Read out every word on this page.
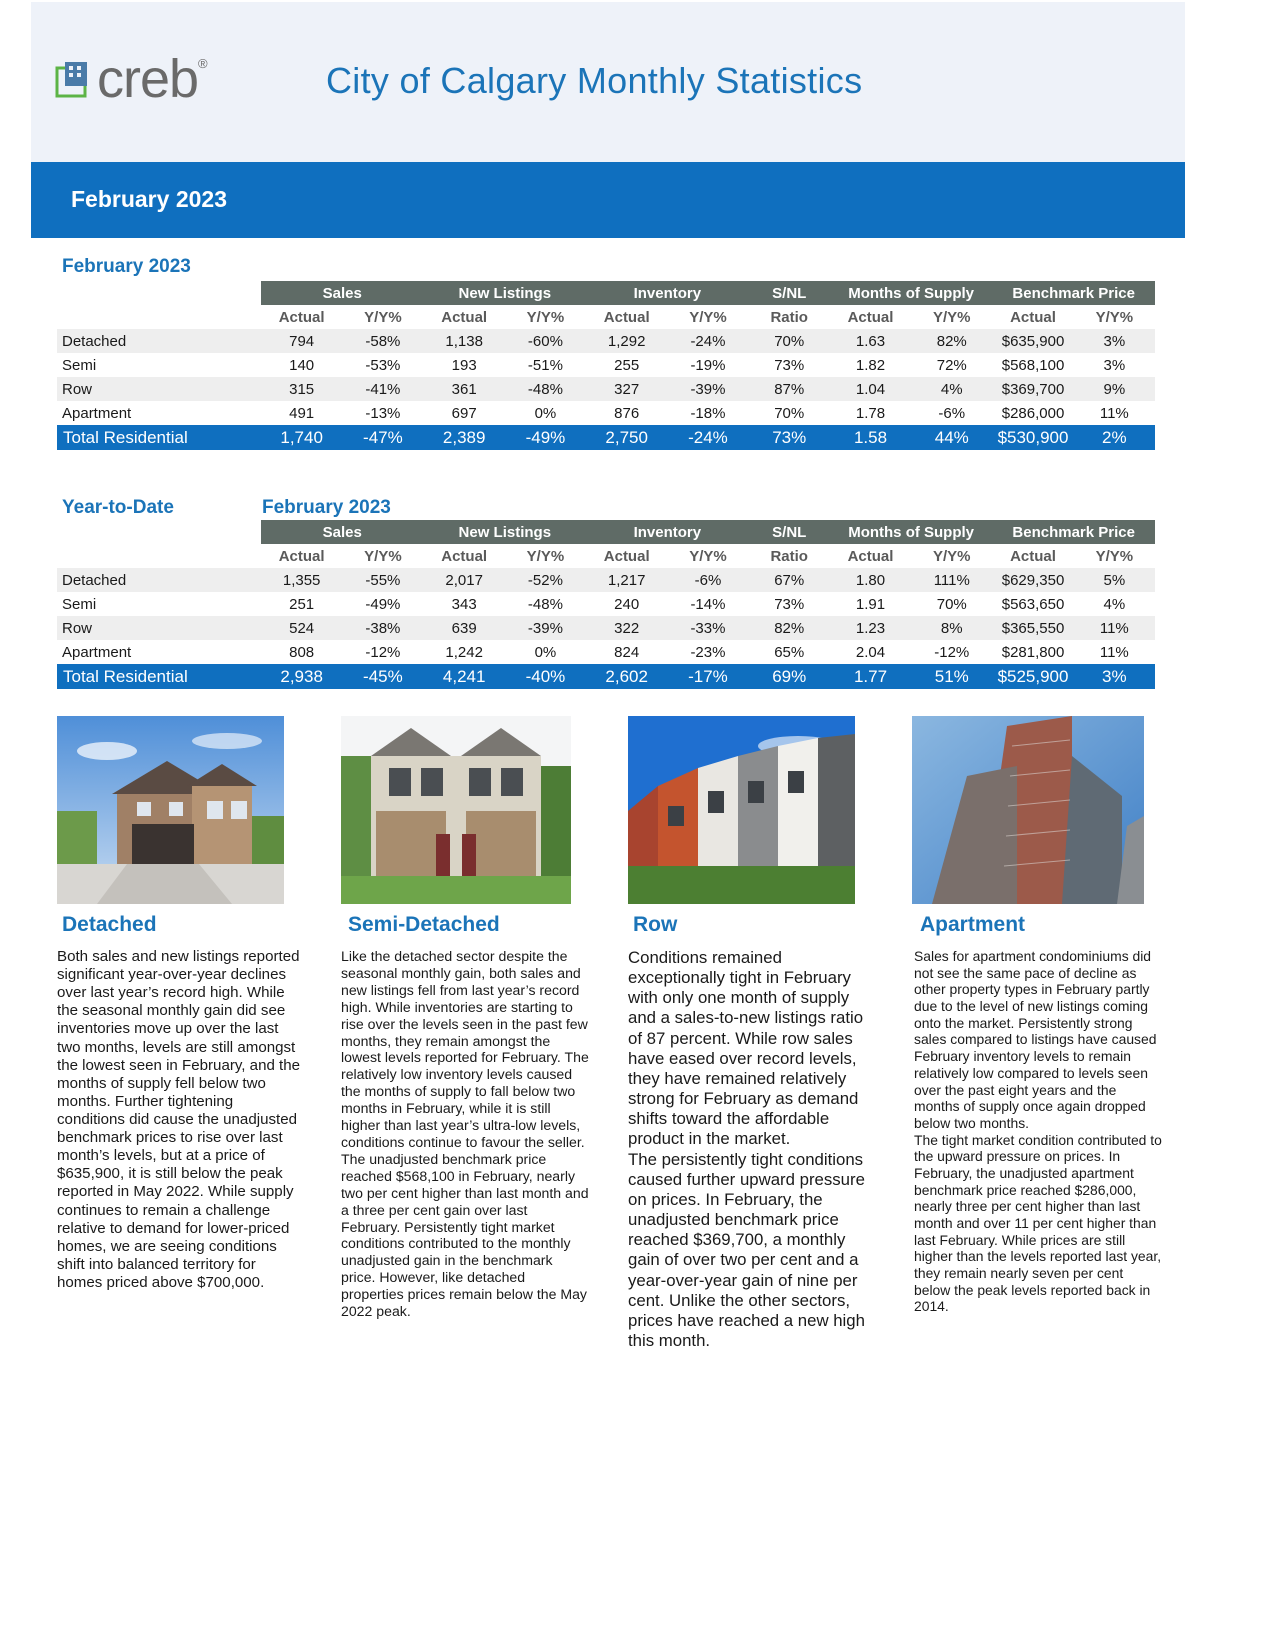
creb ®	City of Calgary Monthly Statistics
February 2023
February 2023
	Sales		New Listings		Inventory		S/NL	Months of Supply		Benchmark Price	
	Actual	Y/Y%	Actual	Y/Y%	Actual	Y/Y%	Ratio	Actual	Y/Y%	Actual	Y/Y%
Detached	794	-58%	1,138	-60%	1,292	-24%	70%	1.63	82%	$635,900	3%
Semi	140	-53%	193	-51%	255	-19%	73%	1.82	72%	$568,100	3%
Row	315	-41%	361	-48%	327	-39%	87%	1.04	4%	$369,700	9%
Apartment	491	-13%	697	0%	876	-18%	70%	1.78	-6%	$286,000	11%
Total Residential	1,740	-47%	2,389	-49%	2,750	-24%	73%	1.58	44%	$530,900	2%
Year-to-Date	February 2023
	Sales		New Listings		Inventory		S/NL	Months of Supply		Benchmark Price	
	Actual	Y/Y%	Actual	Y/Y%	Actual	Y/Y%	Ratio	Actual	Y/Y%	Actual	Y/Y%
Detached	1,355	-55%	2,017	-52%	1,217	-6%	67%	1.80	111%	$629,350	5%
Semi	251	-49%	343	-48%	240	-14%	73%	1.91	70%	$563,650	4%
Row	524	-38%	639	-39%	322	-33%	82%	1.23	8%	$365,550	11%
Apartment	808	-12%	1,242	0%	824	-23%	65%	2.04	-12%	$281,800	11%
Total Residential	2,938	-45%	4,241	-40%	2,602	-17%	69%	1.77	51%	$525,900	3%
Detached
Both sales and new listings reported significant year-over-year declines over last year’s record high. While the seasonal monthly gain did see inventories move up over the last two months, levels are still amongst the lowest seen in February, and the months of supply fell below two months. Further tightening conditions did cause the unadjusted benchmark prices to rise over last month’s levels, but at a price of $635,900, it is still below the peak reported in May 2022. While supply continues to remain a challenge relative to demand for lower-priced homes, we are seeing conditions shift into balanced territory for homes priced above $700,000.
Semi-Detached
Like the detached sector despite the seasonal monthly gain, both sales and new listings fell from last year’s record high. While inventories are starting to rise over the levels seen in the past few months, they remain amongst the lowest levels reported for February. The relatively low inventory levels caused the months of supply to fall below two months in February, while it is still higher than last year’s ultra-low levels, conditions continue to favour the seller.
The unadjusted benchmark price reached $568,100 in February, nearly two per cent higher than last month and a three per cent gain over last February. Persistently tight market conditions contributed to the monthly unadjusted gain in the benchmark price. However, like detached properties prices remain below the May 2022 peak.
Row
Conditions remained exceptionally tight in February with only one month of supply and a sales-to-new listings ratio of 87 percent. While row sales have eased over record levels, they have remained relatively strong for February as demand shifts toward the affordable product in the market.
The persistently tight conditions caused further upward pressure on prices. In February, the unadjusted benchmark price reached $369,700, a monthly gain of over two per cent and a year-over-year gain of nine per cent. Unlike the other sectors, prices have reached a new high this month.
Apartment
Sales for apartment condominiums did not see the same pace of decline as other property types in February partly due to the level of new listings coming onto the market. Persistently strong sales compared to listings have caused February inventory levels to remain relatively low compared to levels seen over the past eight years and the months of supply once again dropped below two months.
The tight market condition contributed to the upward pressure on prices. In February, the unadjusted apartment benchmark price reached $286,000, nearly three per cent higher than last month and over 11 per cent higher than last February. While prices are still higher than the levels reported last year, they remain nearly seven per cent below the peak levels reported back in 2014.
